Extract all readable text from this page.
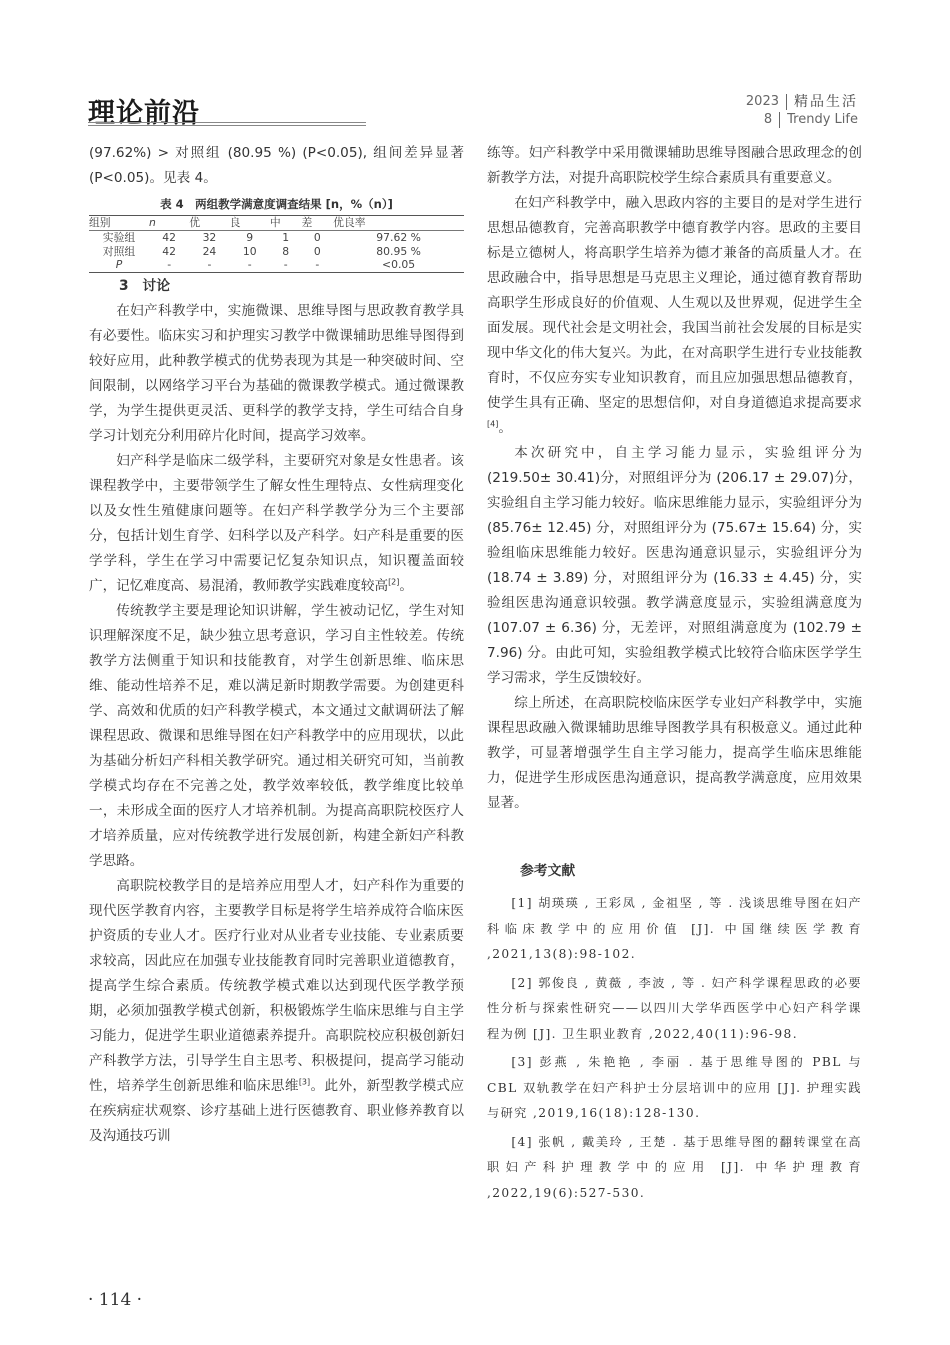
理论前沿	2023 精品生活
8 Trendy Life

(97.62%) > 对照组 (80.95 %) (P<0.05), 组间差异显著 (P<0.05)。见表 4。

表 4　两组教学满意度调查结果 [n，%（n）]
组别	n	优	良	中	差	优良率
实验组	42	32	9	1	0	97.62 %
对照组	42	24	10	8	0	80.95 %
P	-	-	-	-	-	<0.05
3　讨论

在妇产科教学中，实施微课、思维导图与思政教育教学具有必要性。临床实习和护理实习教学中微课辅助思维导图得到较好应用，此种教学模式的优势表现为其是一种突破时间、空间限制，以网络学习平台为基础的微课教学模式。通过微课教学，为学生提供更灵活、更科学的教学支持，学生可结合自身学习计划充分利用碎片化时间，提高学习效率。

妇产科学是临床二级学科，主要研究对象是女性患者。该课程教学中，主要带领学生了解女性生理特点、女性病理变化以及女性生殖健康问题等。在妇产科学教学分为三个主要部分，包括计划生育学、妇科学以及产科学。妇产科是重要的医学学科，学生在学习中需要记忆复杂知识点，知识覆盖面较广，记忆难度高、易混淆，教师教学实践难度较高[2]。

传统教学主要是理论知识讲解，学生被动记忆，学生对知识理解深度不足，缺少独立思考意识，学习自主性较差。传统教学方法侧重于知识和技能教育，对学生创新思维、临床思维、能动性培养不足，难以满足新时期教学需要。为创建更科学、高效和优质的妇产科教学模式，本文通过文献调研法了解课程思政、微课和思维导图在妇产科教学中的应用现状，以此为基础分析妇产科相关教学研究。通过相关研究可知，当前教学模式均存在不完善之处，教学效率较低，教学维度比较单一，未形成全面的医疗人才培养机制。为提高高职院校医疗人才培养质量，应对传统教学进行发展创新，构建全新妇产科教学思路。

高职院校教学目的是培养应用型人才，妇产科作为重要的现代医学教育内容，主要教学目标是将学生培养成符合临床医护资质的专业人才。医疗行业对从业者专业技能、专业素质要求较高，因此应在加强专业技能教育同时完善职业道德教育，提高学生综合素质。传统教学模式难以达到现代医学教学预期，必须加强教学模式创新，积极锻炼学生临床思维与自主学习能力，促进学生职业道德素养提升。高职院校应积极创新妇产科教学方法，引导学生自主思考、积极提问，提高学习能动性，培养学生创新思维和临床思维[3]。此外，新型教学模式应在疾病症状观察、诊疗基础上进行医德教育、职业修养教育以及沟通技巧训

练等。妇产科教学中采用微课辅助思维导图融合思政理念的创新教学方法，对提升高职院校学生综合素质具有重要意义。

在妇产科教学中，融入思政内容的主要目的是对学生进行思想品德教育，完善高职教学中德育教学内容。思政的主要目标是立德树人，将高职学生培养为德才兼备的高质量人才。在思政融合中，指导思想是马克思主义理论，通过德育教育帮助高职学生形成良好的价值观、人生观以及世界观，促进学生全面发展。现代社会是文明社会，我国当前社会发展的目标是实现中华文化的伟大复兴。为此，在对高职学生进行专业技能教育时，不仅应夯实专业知识教育，而且应加强思想品德教育，使学生具有正确、坚定的思想信仰，对自身道德追求提高要求[4]。

本次研究中，自主学习能力显示，实验组评分为 (219.50± 30.41)分，对照组评分为 (206.17 ± 29.07)分，实验组自主学习能力较好。临床思维能力显示，实验组评分为 (85.76± 12.45) 分，对照组评分为 (75.67± 15.64) 分，实验组临床思维能力较好。医患沟通意识显示，实验组评分为 (18.74 ± 3.89) 分，对照组评分为 (16.33 ± 4.45) 分，实验组医患沟通意识较强。教学满意度显示，实验组满意度为 (107.07 ± 6.36) 分，无差评，对照组满意度为 (102.79 ± 7.96) 分。由此可知，实验组教学模式比较符合临床医学学生学习需求，学生反馈较好。

综上所述，在高职院校临床医学专业妇产科教学中，实施课程思政融入微课辅助思维导图教学具有积极意义。通过此种教学，可显著增强学生自主学习能力，提高学生临床思维能力，促进学生形成医患沟通意识，提高教学满意度，应用效果显著。

参考文献
[1] 胡瑛瑛 , 王彩凤 , 金祖坚 , 等 . 浅谈思维导图在妇产科临床教学中的应用价值 [J]. 中国继续医学教育 ,2021,13(8):98-102.
[2] 郭俊良 , 黄薇 , 李波 , 等 . 妇产科学课程思政的必要性分析与探索性研究——以四川大学华西医学中心妇产科学课程为例 [J]. 卫生职业教育 ,2022,40(11):96-98.
[3] 彭燕 , 朱艳艳 , 李丽 . 基于思维导图的 PBL 与 CBL 双轨教学在妇产科护士分层培训中的应用 [J]. 护理实践与研究 ,2019,16(18):128-130.
[4] 张帆 , 戴美玲 , 王楚 . 基于思维导图的翻转课堂在高职妇产科护理教学中的应用 [J]. 中华护理教育 ,2022,19(6):527-530.
· 114 ·
